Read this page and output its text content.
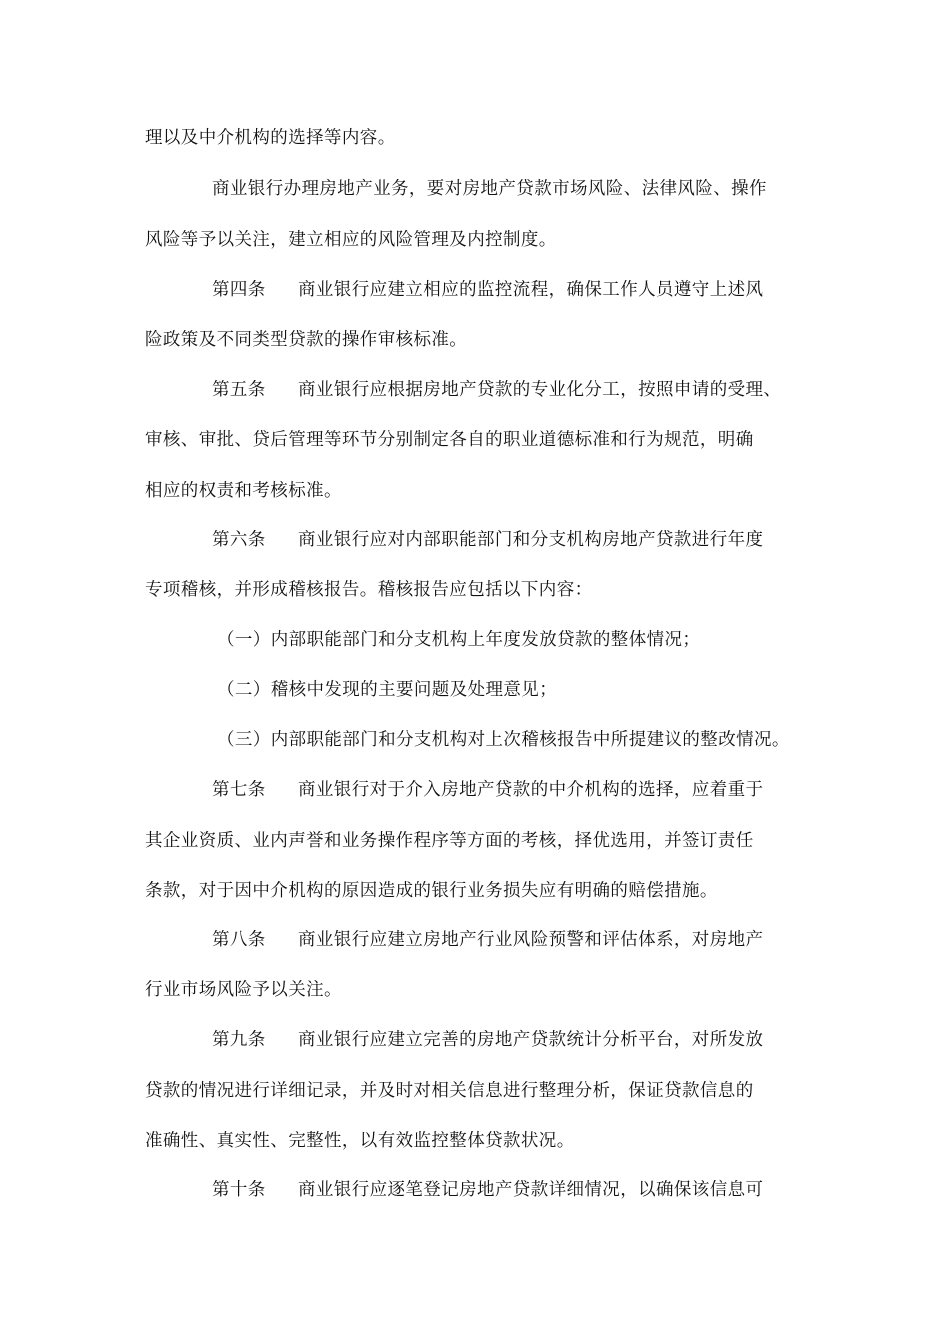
理以及中介机构的选择等内容。
商业银行办理房地产业务，要对房地产贷款市场风险、法律风险、操作
风险等予以关注，建立相应的风险管理及内控制度。
第四条 商业银行应建立相应的监控流程，确保工作人员遵守上述风
险政策及不同类型贷款的操作审核标准。
第五条 商业银行应根据房地产贷款的专业化分工，按照申请的受理、
审核、审批、贷后管理等环节分别制定各自的职业道德标准和行为规范，明确
相应的权责和考核标准。
第六条 商业银行应对内部职能部门和分支机构房地产贷款进行年度
专项稽核，并形成稽核报告。稽核报告应包括以下内容：
（一）内部职能部门和分支机构上年度发放贷款的整体情况；
（二）稽核中发现的主要问题及处理意见；
（三）内部职能部门和分支机构对上次稽核报告中所提建议的整改情况。
第七条 商业银行对于介入房地产贷款的中介机构的选择，应着重于
其企业资质、业内声誉和业务操作程序等方面的考核，择优选用，并签订责任
条款，对于因中介机构的原因造成的银行业务损失应有明确的赔偿措施。
第八条 商业银行应建立房地产行业风险预警和评估体系，对房地产
行业市场风险予以关注。
第九条 商业银行应建立完善的房地产贷款统计分析平台，对所发放
贷款的情况进行详细记录，并及时对相关信息进行整理分析，保证贷款信息的
准确性、真实性、完整性，以有效监控整体贷款状况。
第十条 商业银行应逐笔登记房地产贷款详细情况，以确保该信息可
